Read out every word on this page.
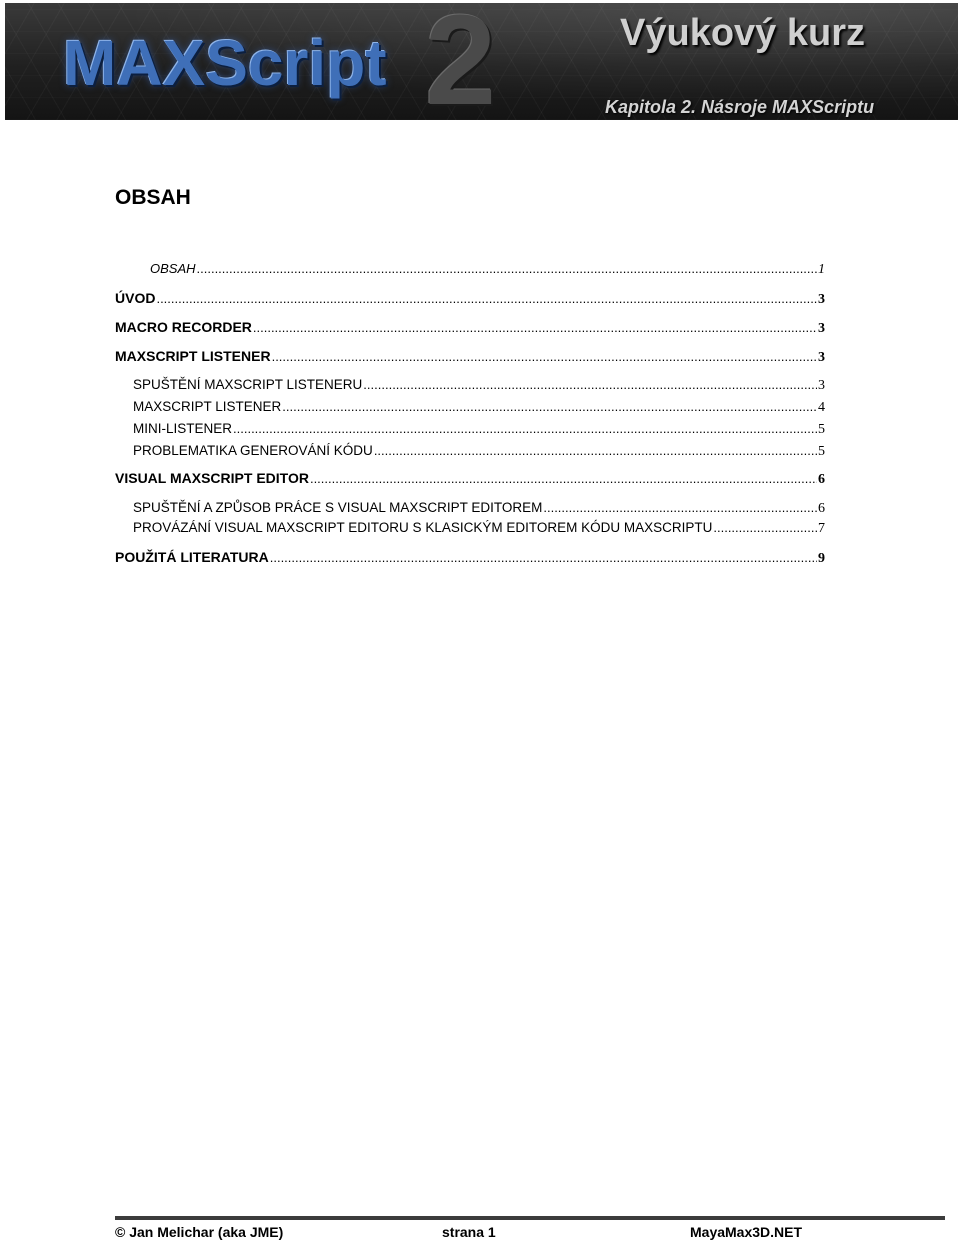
2
MAXScript	Výukový kurz
Kapitola 2. Násroje MAXScriptu
OBSAH
OBSAH .....	1
ÚVOD .....	3
MACRO RECORDER .....	3
MAXSCRIPT LISTENER .....	3
SPUŠTĚNÍ MAXSCRIPT LISTENERU .....	3
MAXSCRIPT LISTENER .....	4
MINI-LISTENER .....	5
PROBLEMATIKA GENEROVÁNÍ KÓDU .....	5
VISUAL MAXSCRIPT EDITOR .....	6
SPUŠTĚNÍ A ZPŮSOB PRÁCE S VISUAL MAXSCRIPT EDITOREM .....	6
PROVÁZÁNÍ VISUAL MAXSCRIPT EDITORU S KLASICKÝM EDITOREM KÓDU MAXSCRIPTU .....	7
POUŽITÁ LITERATURA .....	9
© Jan Melichar (aka JME)	strana 1	MayaMax3D.NET
